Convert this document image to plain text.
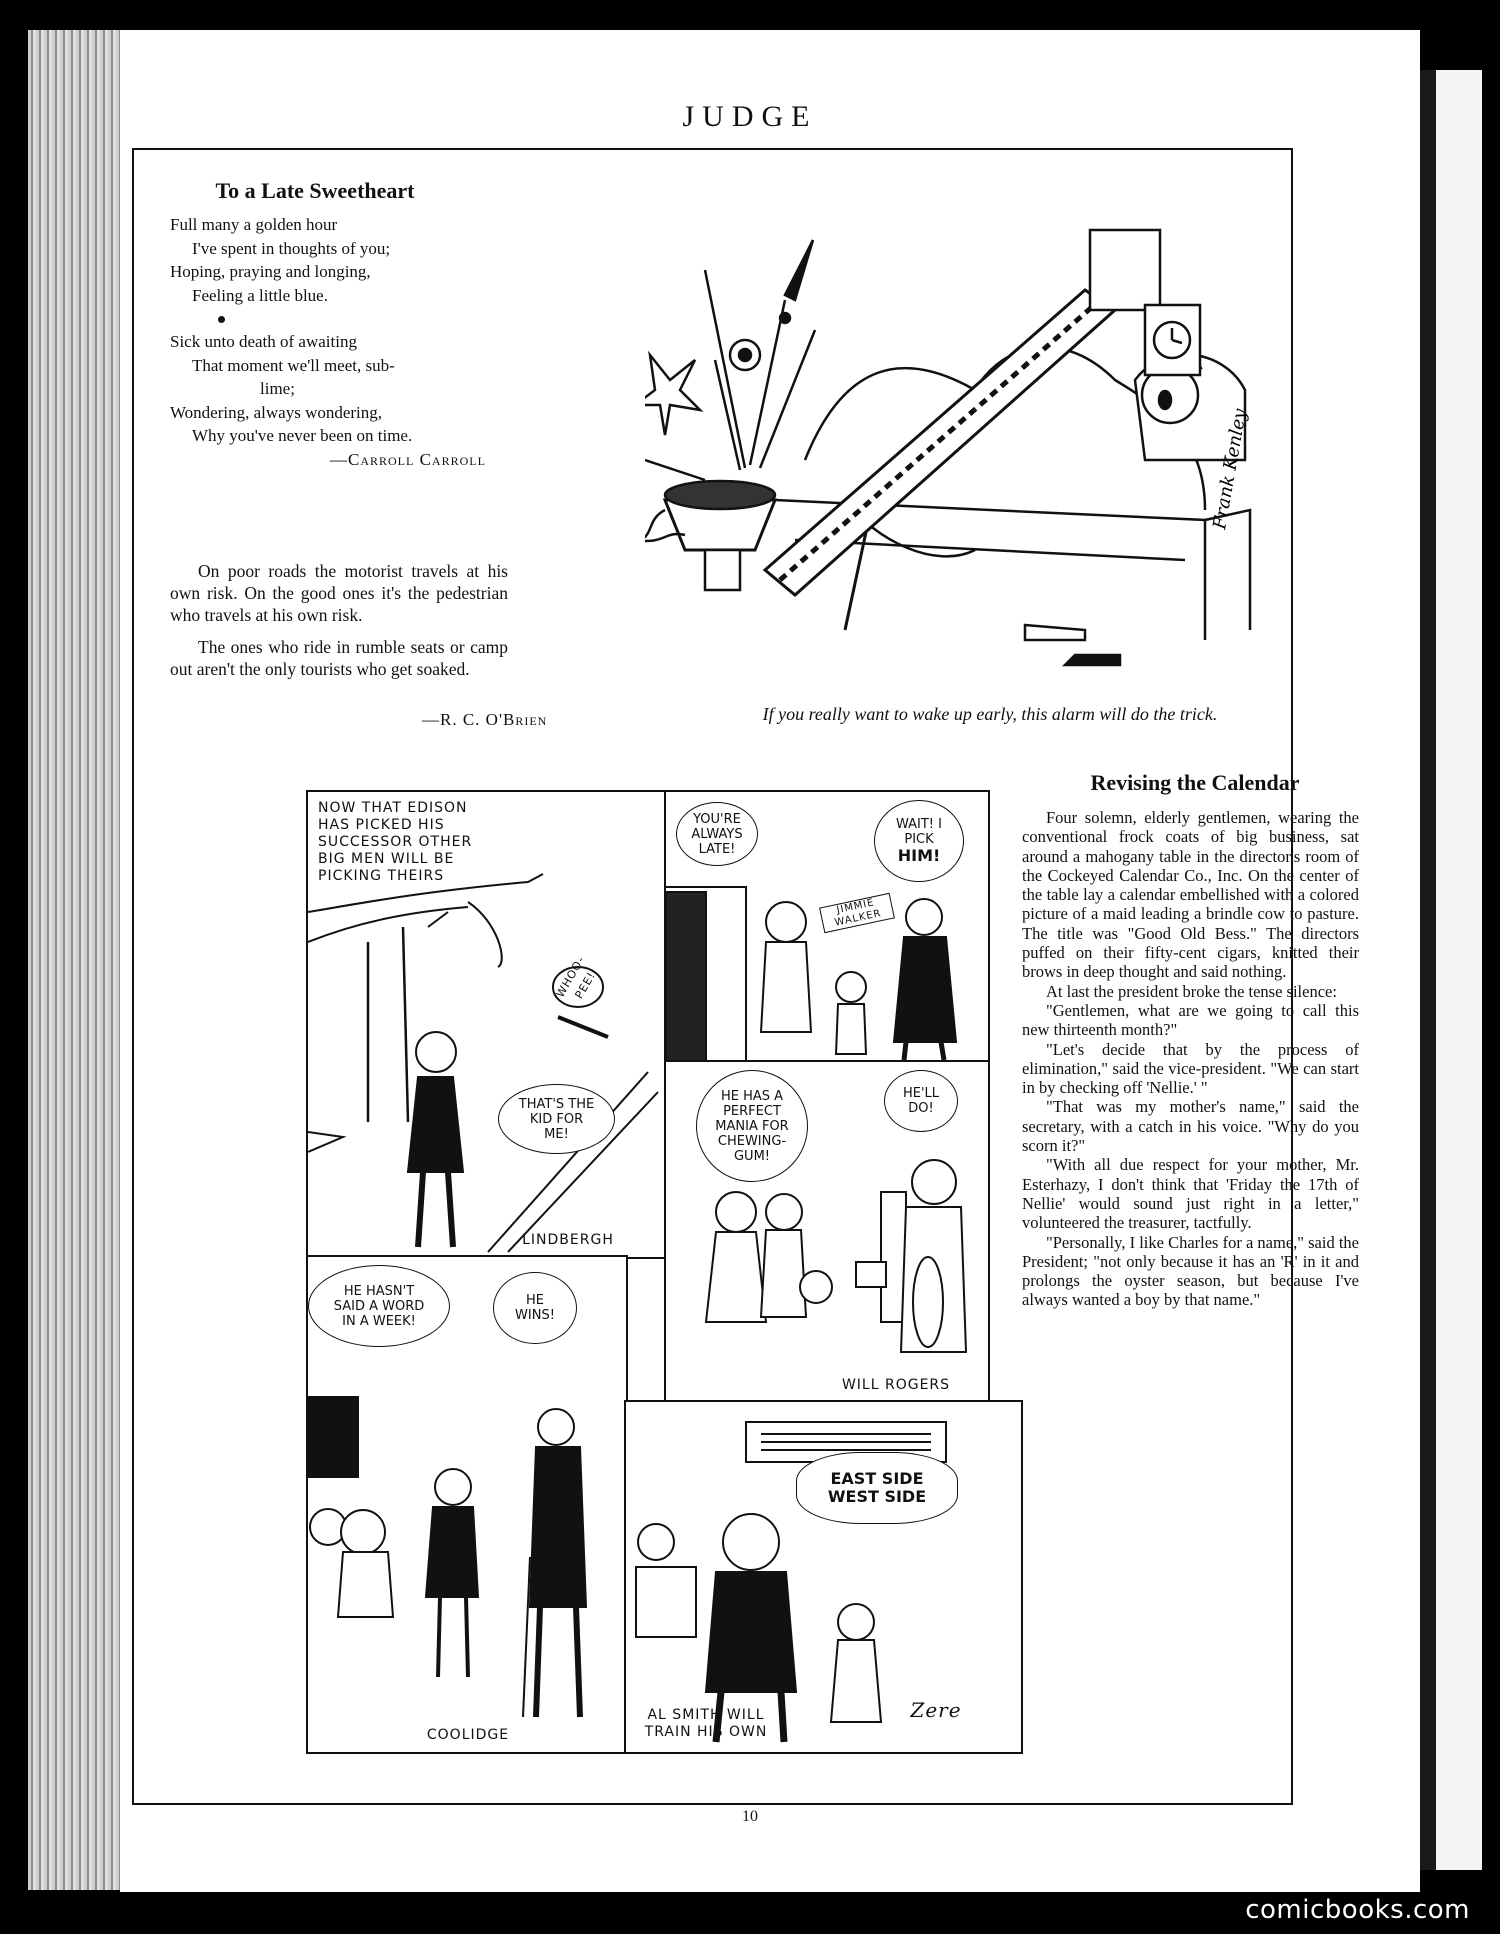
JUDGE
To a Late Sweetheart
Full many a golden hour
I've spent in thoughts of you;
Hoping, praying and longing,
Feeling a little blue.
Sick unto death of awaiting
That moment we'll meet, sub-
lime;
Wondering, always wondering,
Why you've never been on time.
—Carroll Carroll

On poor roads the motorist travels at his own risk. On the good ones it's the pedestrian who travels at his own risk.

The ones who ride in rumble seats or camp out aren't the only tourists who get soaked.

—R. C. O'Brien
Frank Kenley
If you really want to wake up early, this alarm will do the trick.
NOW THAT EDISON
HAS PICKED HIS
SUCCESSOR OTHER
BIG MEN WILL BE
PICKING THEIRS
WHOO-PEE!
THAT'S THE
KID FOR
ME!
LINDBERGH
YOU'RE
ALWAYS
LATE!
WAIT! I
PICK
HIM!
JIMMIE
WALKER
HE HAS A
PERFECT
MANIA FOR
CHEWING-
GUM!
HE'LL
DO!
WILL ROGERS
HE HASN'T
SAID A WORD
IN A WEEK!
HE
WINS!
COOLIDGE
EAST SIDE
WEST SIDE
AL SMITH WILL
TRAIN HIS OWN
Zere
Revising the Calendar

Four solemn, elderly gentlemen, wearing the conventional frock coats of big business, sat around a mahogany table in the director's room of the Cockeyed Calendar Co., Inc. On the center of the table lay a calendar embellished with a colored picture of a maid leading a brindle cow to pasture. The title was "Good Old Bess." The directors puffed on their fifty-cent cigars, knitted their brows in deep thought and said nothing.

At last the president broke the tense silence:

"Gentlemen, what are we going to call this new thirteenth month?"

"Let's decide that by the process of elimination," said the vice-president. "We can start in by checking off 'Nellie.' "

"That was my mother's name," said the secretary, with a catch in his voice. "Why do you scorn it?"

"With all due respect for your mother, Mr. Esterhazy, I don't think that 'Friday the 17th of Nellie' would sound just right in a letter," volunteered the treasurer, tactfully.

"Personally, I like Charles for a name," said the President; "not only because it has an 'R' in it and prolongs the oyster season, but because I've always wanted a boy by that name."

10
comicbooks.com
